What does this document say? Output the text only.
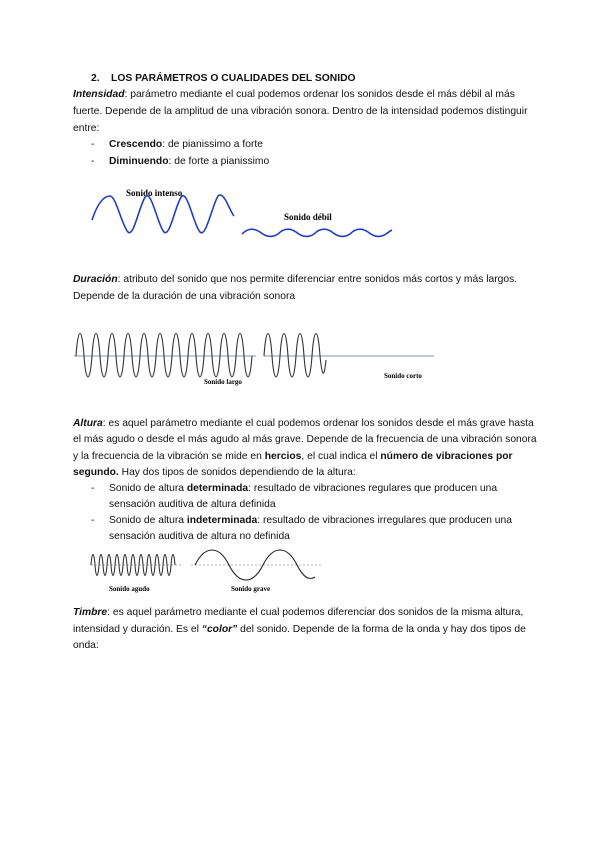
2. LOS PARÁMETROS O CUALIDADES DEL SONIDO
Intensidad: parámetro mediante el cual podemos ordenar los sonidos desde el más débil al más
fuerte. Depende de la amplitud de una vibración sonora. Dentro de la intensidad podemos distinguir
entre:
- Crescendo: de pianissimo a forte
- Diminuendo: de forte a pianissimo
Sonido intenso
Sonido débil
Duración: atributo del sonido que nos permite diferenciar entre sonidos más cortos y más largos.
Depende de la duración de una vibración sonora
Sonido largo
Sonido corto
Altura: es aquel parámetro mediante el cual podemos ordenar los sonidos desde el más grave hasta
el más agudo o desde el más agudo al más grave. Depende de la frecuencia de una vibración sonora
y la frecuencia de la vibración se mide en hercios, el cual indica el número de vibraciones por
segundo. Hay dos tipos de sonidos dependiendo de la altura:
- Sonido de altura determinada: resultado de vibraciones regulares que producen una
sensación auditiva de altura definida
- Sonido de altura indeterminada: resultado de vibraciones irregulares que producen una
sensación auditiva de altura no definida
Sonido agudo	Sonido grave
Timbre: es aquel parámetro mediante el cual podemos diferenciar dos sonidos de la misma altura,
intensidad y duración. Es el “color” del sonido. Depende de la forma de la onda y hay dos tipos de
onda:
